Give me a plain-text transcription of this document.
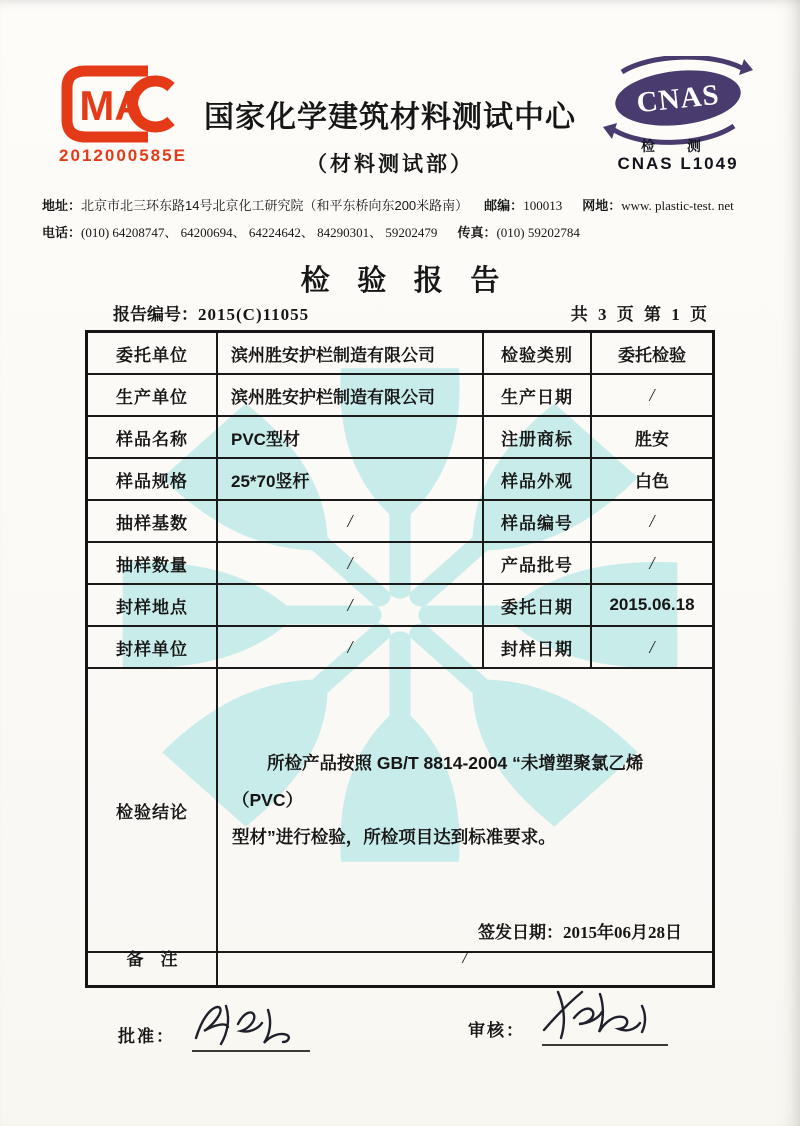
MA
2012000585E
国家化学建筑材料测试中心
（材料测试部）
CNAS
检 测
CNAS L1049
地址：北京市北三环东路14号北京化工研究院（和平东桥向东200米路南） 邮编：100013 网地：www. plastic-test. net
电话：(010) 64208747、 64200694、 64224642、 84290301、 59202479 传真：(010) 59202784
检验报告
报告编号：2015(C)11055	共 3 页 第 1 页
委托单位	滨州胜安护栏制造有限公司	检验类别	委托检验
生产单位	滨州胜安护栏制造有限公司	生产日期	/
样品名称	PVC型材	注册商标	胜安
样品规格	25*70竖杆	样品外观	白色
抽样基数	/	样品编号	/
抽样数量	/	产品批号	/
封样地点	/	委托日期	2015.06.18
封样单位	/	封样日期	/
检验结论
所检产品按照 GB/T 8814-2004 “未增塑聚氯乙烯（PVC）
型材”进行检验，所检项目达到标准要求。
签发日期：2015年06月28日
备　注	/
批准：	审核：
